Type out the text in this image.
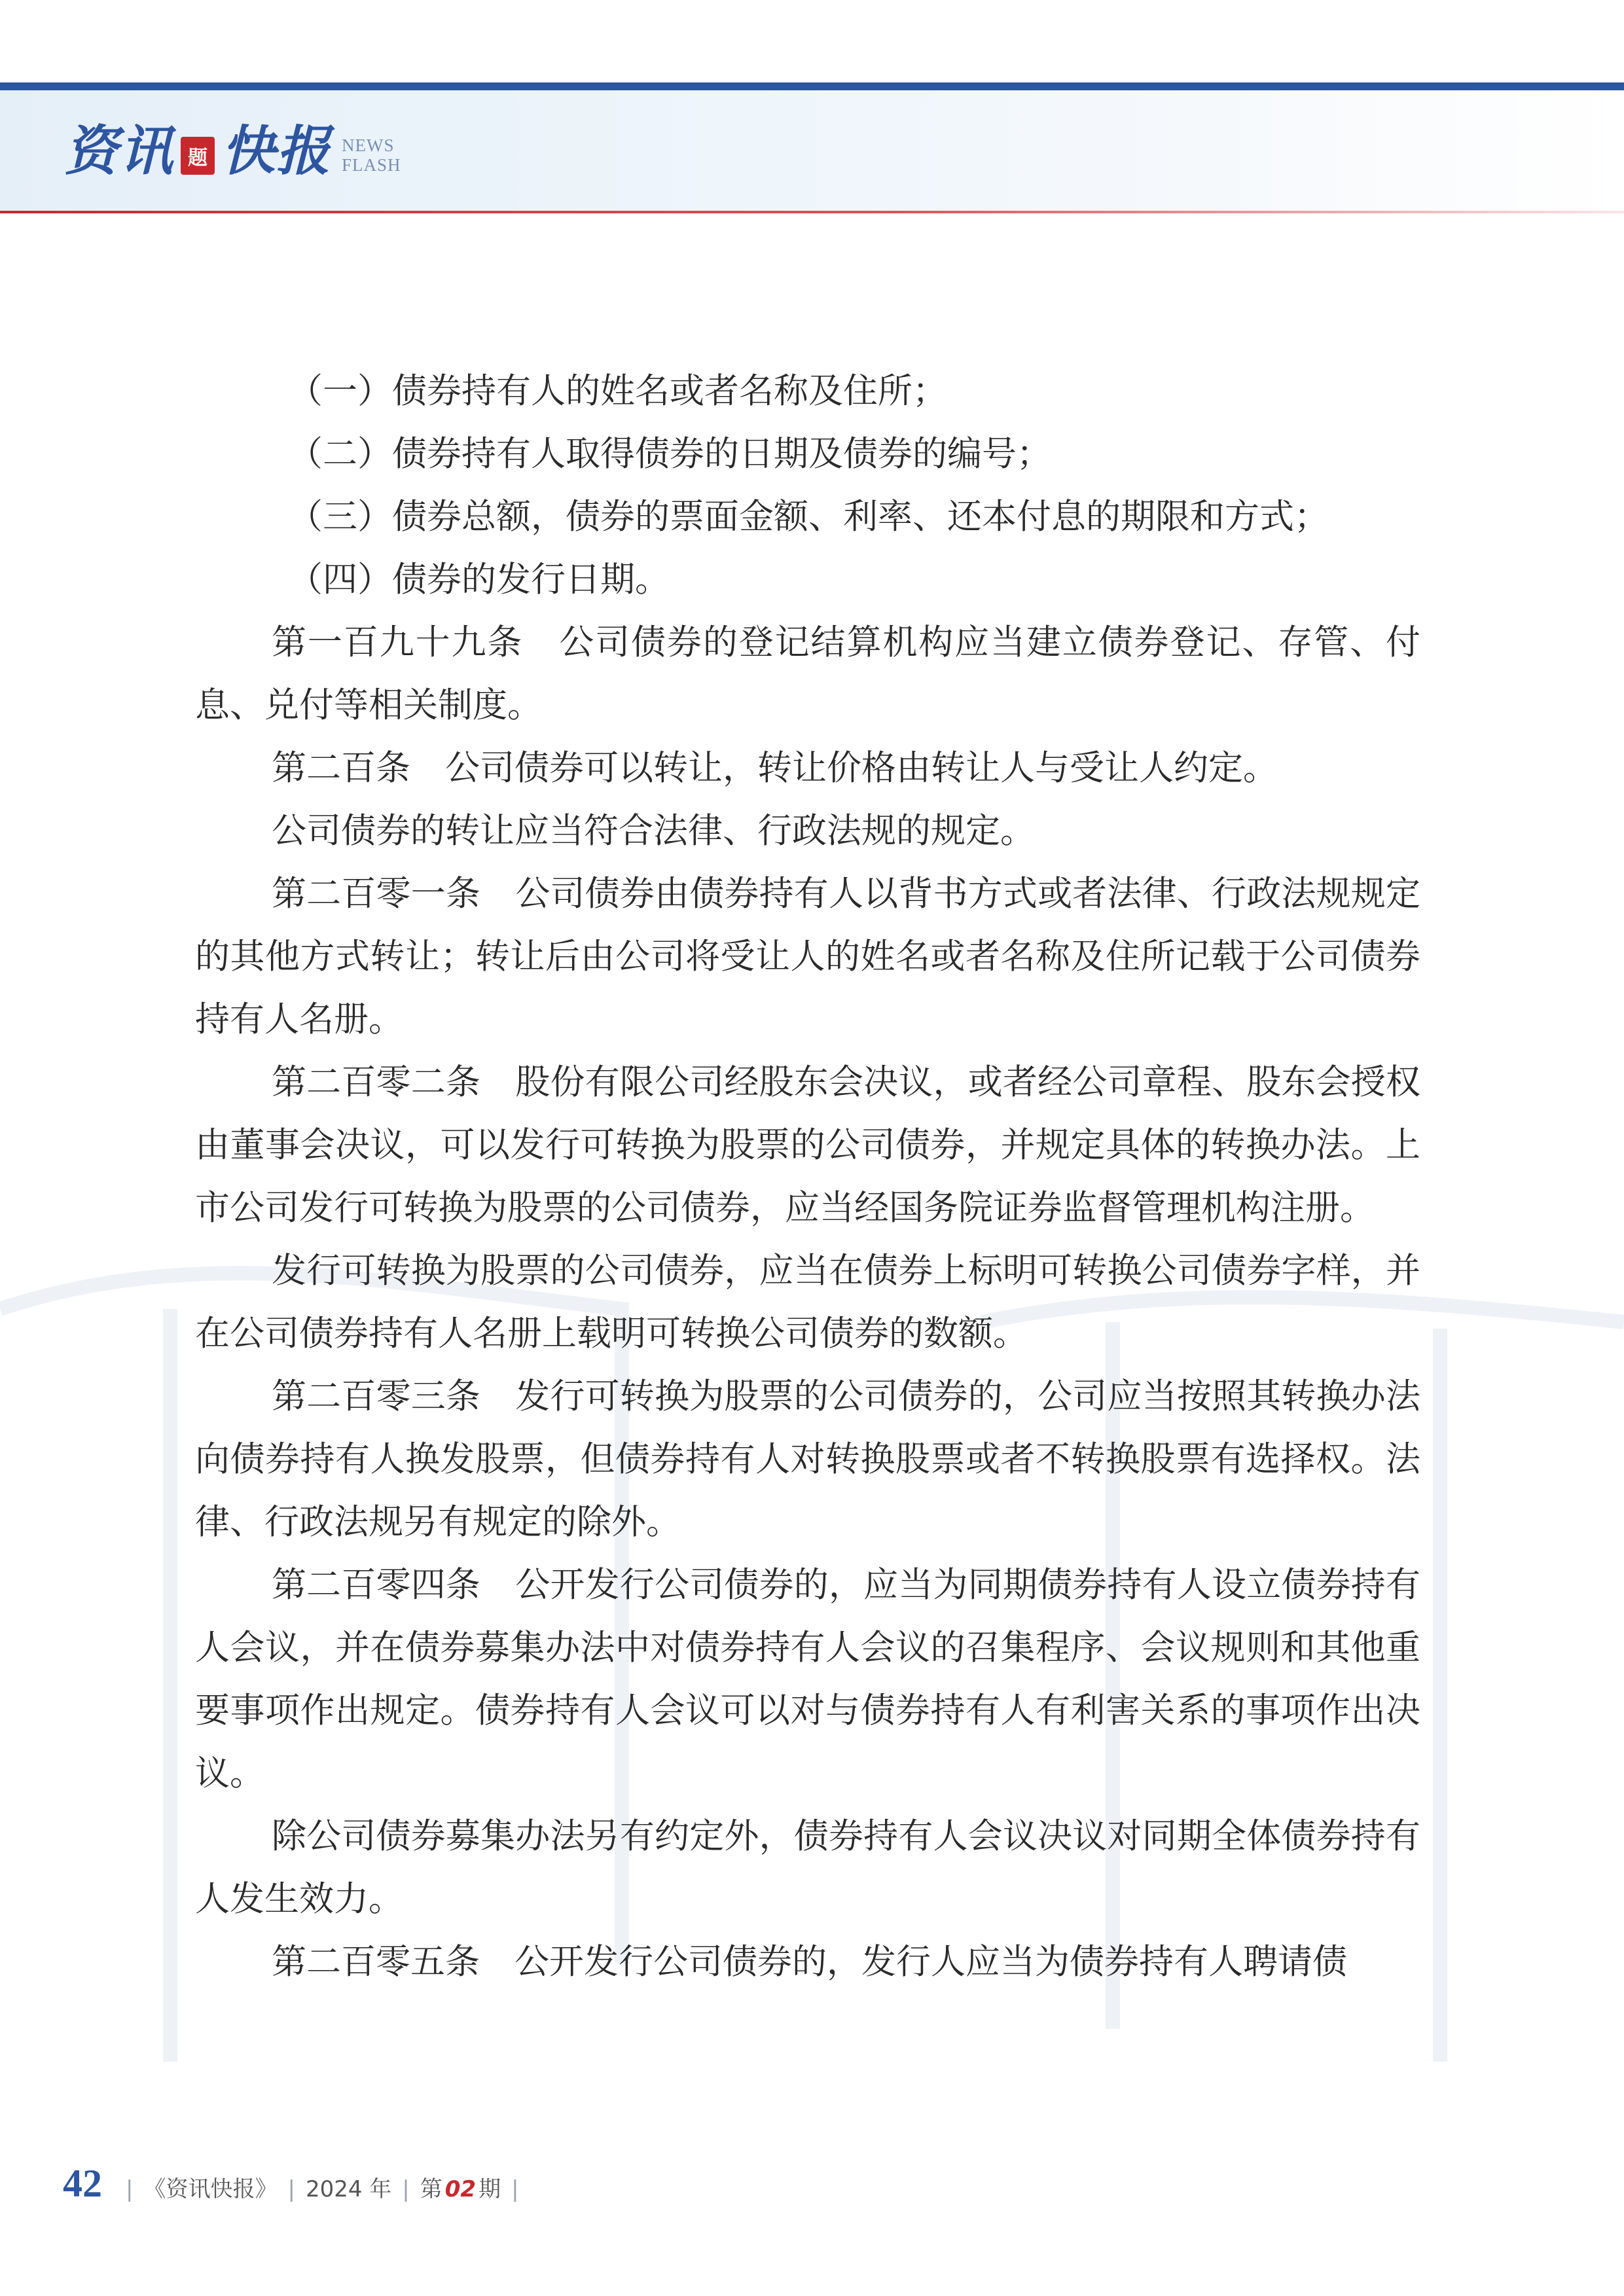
资讯 题 快报 NEWS
FLASH

（一）债券持有人的姓名或者名称及住所；

（二）债券持有人取得债券的日期及债券的编号；

（三）债券总额，债券的票面金额、利率、还本付息的期限和方式；

（四）债券的发行日期。

第一百九十九条　公司债券的登记结算机构应当建立债券登记、存管、付息、兑付等相关制度。

第二百条　公司债券可以转让，转让价格由转让人与受让人约定。

公司债券的转让应当符合法律、行政法规的规定。

第二百零一条　公司债券由债券持有人以背书方式或者法律、行政法规规定的其他方式转让；转让后由公司将受让人的姓名或者名称及住所记载于公司债券持有人名册。

第二百零二条　股份有限公司经股东会决议，或者经公司章程、股东会授权由董事会决议，可以发行可转换为股票的公司债券，并规定具体的转换办法。上市公司发行可转换为股票的公司债券，应当经国务院证券监督管理机构注册。

发行可转换为股票的公司债券，应当在债券上标明可转换公司债券字样，并在公司债券持有人名册上载明可转换公司债券的数额。

第二百零三条　发行可转换为股票的公司债券的，公司应当按照其转换办法向债券持有人换发股票，但债券持有人对转换股票或者不转换股票有选择权。法律、行政法规另有规定的除外。

第二百零四条　公开发行公司债券的，应当为同期债券持有人设立债券持有人会议，并在债券募集办法中对债券持有人会议的召集程序、会议规则和其他重要事项作出规定。债券持有人会议可以对与债券持有人有利害关系的事项作出决议。

除公司债券募集办法另有约定外，债券持有人会议决议对同期全体债券持有人发生效力。

第二百零五条　公开发行公司债券的，发行人应当为债券持有人聘请债

42 | 《资讯快报》 | 2024 年 | 第 02 期 |
